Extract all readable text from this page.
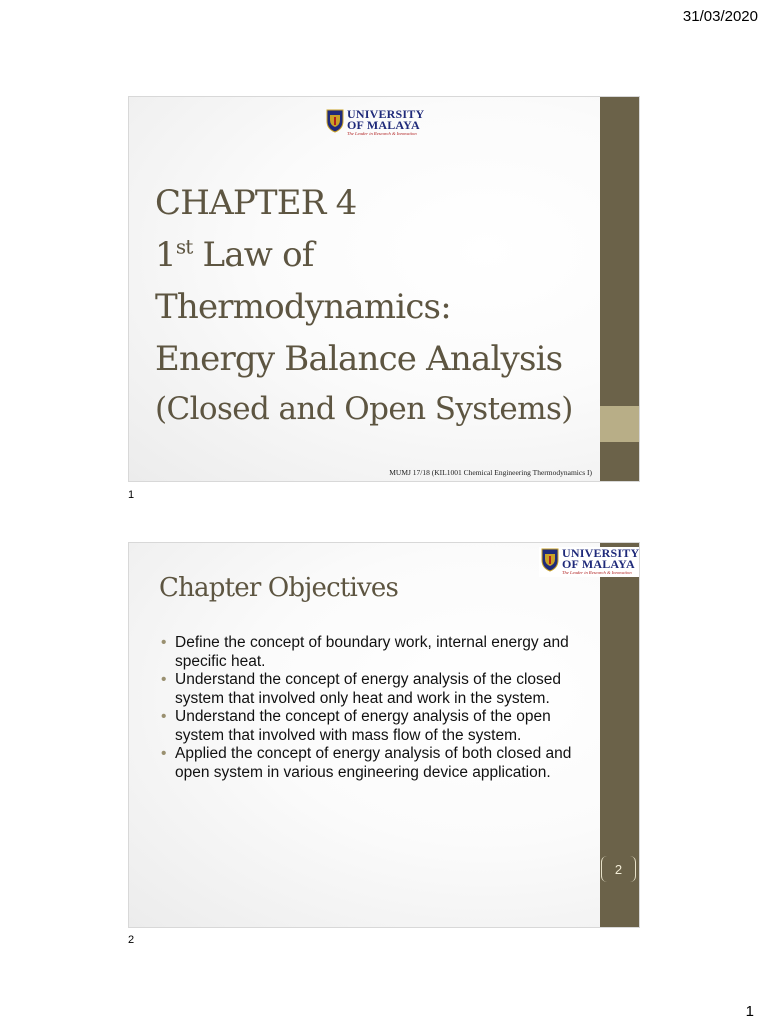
31/03/2020
UNIVERSITY
OF MALAYA
The Leader in Research & Innovation
CHAPTER 4
1st Law of
Thermodynamics:
Energy Balance Analysis
(Closed and Open Systems)
MUMJ 17/18 (KIL1001 Chemical Engineering Thermodynamics I)
1
UNIVERSITY
OF MALAYA
The Leader in Research & Innovation
Chapter Objectives
• Define the concept of boundary work, internal energy and specific heat.
• Understand the concept of energy analysis of the closed system that involved only heat and work in the system.
• Understand the concept of energy analysis of the open system that involved with mass flow of the system.
• Applied the concept of energy analysis of both closed and open system in various engineering device application.
2
2
1
